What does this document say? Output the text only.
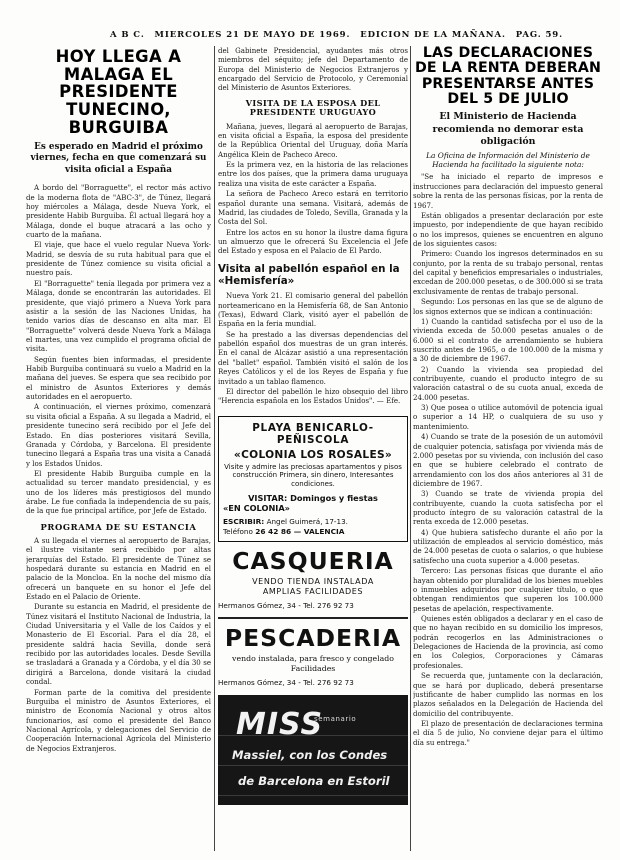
A B C. MIERCOLES 21 DE MAYO DE 1969. EDICION DE LA MAÑANA. PAG. 59.
HOY LLEGA A MALAGA EL PRESIDENTE TUNECINO, BURGUIBA
Es esperado en Madrid el próximo viernes, fecha en que comenzará su visita oficial a España

A bordo del "Borraguette", el rector más activo de la moderna flota de "ABC-3", de Túnez, llegará hoy miércoles a Málaga, desde Nueva York, el presidente Habib Burguiba. Él actual llegará hoy a Málaga, donde el buque atracará a las ocho y cuarto de la mañana.

El viaje, que hace el vuelo regular Nueva York-Madrid, se desvía de su ruta habitual para que el presidente de Túnez comience su visita oficial a nuestro país.

El "Borraguette" tenía llegada por primera vez a Málaga, donde se encontrarán las autoridades. El presidente, que viajó primero a Nueva York para asistir a la sesión de las Naciones Unidas, ha tenido varios días de descanso en alta mar. El "Borraguette" volverá desde Nueva York a Málaga el martes, una vez cumplido el programa oficial de visita.

Según fuentes bien informadas, el presidente Habib Burguiba continuará su vuelo a Madrid en la mañana del jueves. Se espera que sea recibido por el ministro de Asuntos Exteriores y demás autoridades en el aeropuerto.

A continuación, el viernes próximo, comenzará su visita oficial a España. A su llegada a Madrid, el presidente tunecino será recibido por el Jefe del Estado. En días posteriores visitará Sevilla, Granada y Córdoba, y Barcelona. El presidente tunecino llegará a España tras una visita a Canadá y los Estados Unidos.

El presidente Habib Burguiba cumple en la actualidad su tercer mandato presidencial, y es uno de los líderes más prestigiosos del mundo árabe. Le fue confiada la independencia de su país, de la que fue principal artífice, por Jefe de Estado.

PROGRAMA DE SU ESTANCIA

A su llegada el viernes al aeropuerto de Barajas, el ilustre visitante será recibido por altas jerarquías del Estado. El presidente de Túnez se hospedará durante su estancia en Madrid en el palacio de la Moncloa. En la noche del mismo día ofrecerá un banquete en su honor el Jefe del Estado en el Palacio de Oriente.

Durante su estancia en Madrid, el presidente de Túnez visitará el Instituto Nacional de Industria, la Ciudad Universitaria y el Valle de los Caídos y el Monasterio de El Escorial. Para el día 28, el presidente saldrá hacia Sevilla, donde será recibido por las autoridades locales. Desde Sevilla se trasladará a Granada y a Córdoba, y el día 30 se dirigirá a Barcelona, donde visitará la ciudad condal.

Forman parte de la comitiva del presidente Burguiba el ministro de Asuntos Exteriores, el ministro de Economía Nacional y otros altos funcionarios, así como el presidente del Banco Nacional Agrícola, y delegaciones del Servicio de Cooperación Internacional Agrícola del Ministerio de Negocios Extranjeros.

del Gabinete Presidencial, ayudantes más otros miembros del séquito; jefe del Departamento de Europa del Ministerio de Negocios Extranjeros y encargado del Servicio de Protocolo, y Ceremonial del Ministerio de Asuntos Exteriores.

VISITA DE LA ESPOSA DEL PRESIDENTE URUGUAYO

Mañana, jueves, llegará al aeropuerto de Barajas, en visita oficial a España, la esposa del presidente de la República Oriental del Uruguay, doña María Angélica Klein de Pacheco Areco.

Es la primera vez, en la historia de las relaciones entre los dos países, que la primera dama uruguaya realiza una visita de este carácter a España.

La señora de Pacheco Areco estará en territorio español durante una semana. Visitará, además de Madrid, las ciudades de Toledo, Sevilla, Granada y la Costa del Sol.

Entre los actos en su honor la ilustre dama figura un almuerzo que le ofrecerá Su Excelencia el Jefe del Estado y esposa en el Palacio de El Pardo.

Visita al pabellón español en la «Hemisfería»

Nueva York 21. El comisario general del pabellón norteamericano en la Hemisfería 68, de San Antonio (Texas), Edward Clark, visitó ayer el pabellón de España en la feria mundial.

Se ha prestado a las diversas dependencias del pabellón español dos muestras de un gran interés. En el canal de Alcázar asistió a una representación del "ballet" español. También visitó el salón de los Reyes Católicos y el de los Reyes de España y fue invitado a un tablao flamenco.

El director del pabellón le hizo obsequio del libro "Herencia española en los Estados Unidos". — Efe.

PLAYA BENICARLO-PEÑISCOLA
«COLONIA LOS ROSALES»
Visite y admire las preciosas apartamentos y pisos construcción Primera, sin dinero, Interesantes condiciones.
VISITAR: Domingos y fiestas
«EN COLONIA»
ESCRIBIR: Angel Guimerá, 17-13.
Teléfono 26 42 86 — VALENCIA
CASQUERIA
VENDO TIENDA INSTALADA
AMPLIAS FACILIDADES
Hermanos Gómez, 34 - Tel. 276 92 73
PESCADERIA
vendo instalada, para fresco y congelado
Facilidades
Hermanos Gómez, 34 - Tel. 276 92 73
MISS
semanario
Massiel, con los Condes
de Barcelona en Estoril
LAS DECLARACIONES DE LA RENTA DEBERAN PRESENTARSE ANTES DEL 5 DE JULIO
El Ministerio de Hacienda recomienda no demorar esta obligación
La Oficina de Información del Ministerio de Hacienda ha facilitado la siguiente nota:

"Se ha iniciado el reparto de impresos e instrucciones para declaración del impuesto general sobre la renta de las personas físicas, por la renta de 1967.

Están obligados a presentar declaración por este impuesto, por independiente de que hayan recibido o no los impresos, quienes se encuentren en alguno de los siguientes casos:

Primero: Cuando los ingresos determinados en su conjunto, por la renta de su trabajo personal, rentas del capital y beneficios empresariales o industriales, excedan de 200.000 pesetas, o de 300.000 si se trata exclusivamente de rentas de trabajo personal.

Segundo: Los personas en las que se de alguno de los signos externos que se indican a continuación:

1) Cuando la cantidad satisfecha por el uso de la vivienda exceda de 50.000 pesetas anuales o de 6.000 si el contrato de arrendamiento se hubiera suscrito antes de 1965, o de 100.000 de la misma y a 30 de diciembre de 1967.

2) Cuando la vivienda sea propiedad del contribuyente, cuando el producto integro de su valoración catastral o de su cuota anual, exceda de 24.000 pesetas.

3) Que posea o utilice automóvil de potencia igual o superior a 14 HP, o cualquiera de su uso y mantenimiento.

4) Cuando se trate de la posesión de un automóvil de cualquier potencia, satisfaga por vivienda más de 2.000 pesetas por su vivienda, con inclusión del caso en que se hubiere celebrado el contrato de arrendamiento con los dos años anteriores al 31 de diciembre de 1967.

3) Cuando se trate de vivienda propia del contribuyente, cuando la cuota satisfecha por el producto íntegro de su valoración catastral de la renta exceda de 12.000 pesetas.

4) Que hubiera satisfecho durante el año por la utilización de empleados al servicio doméstico, más de 24.000 pesetas de cuota o salarios, o que hubiese satisfecho una cuota superior a 4.000 pesetas.

Tercero: Las personas físicas que durante el año hayan obtenido por pluralidad de los bienes muebles o inmuebles adquiridos por cualquier título, o que obtengan rendimientos que superen los 100.000 pesetas de apelación, respectivamente.

Quienes estén obligados a declarar y en el caso de que no hayan recibido en su domicilio los impresos, podrán recogerlos en las Administraciones o Delegaciones de Hacienda de la provincia, así como en los Colegios, Corporaciones y Cámaras profesionales.

Se recuerda que, juntamente con la declaración, que se hará por duplicado, deberá presentarse justificante de haber cumplido las normas en los plazos señalados en la Delegación de Hacienda del domicilio del contribuyente.

El plazo de presentación de declaraciones termina el día 5 de julio, No conviene dejar para el último día su entrega."
